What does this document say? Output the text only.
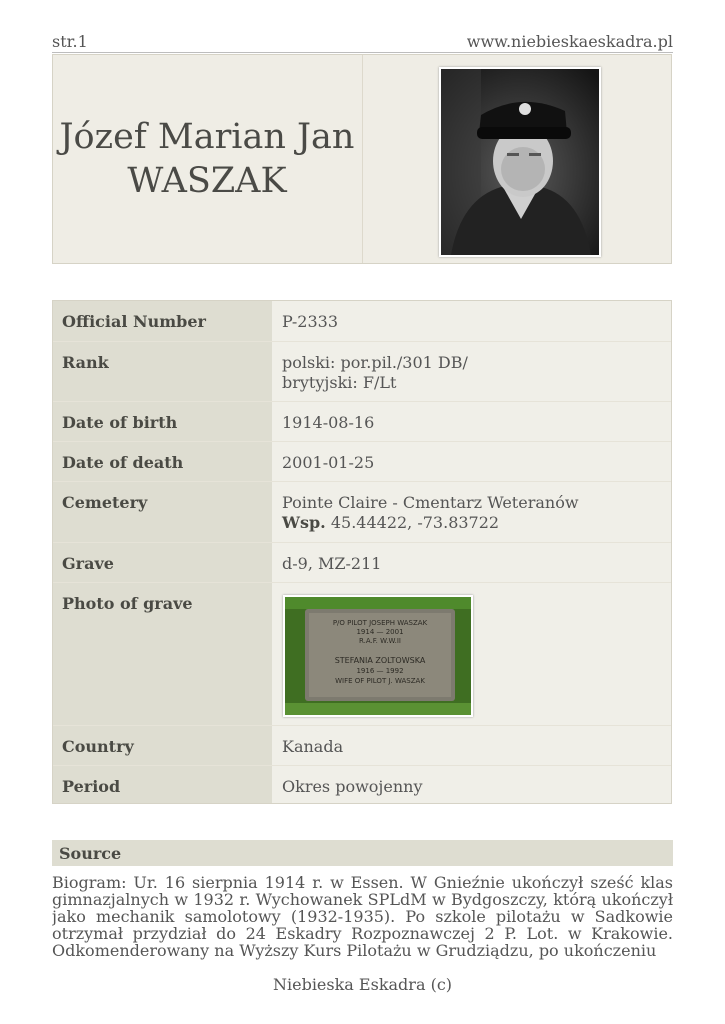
str.1	www.niebieskaeskadra.pl
Józef Marian Jan
WASZAK
Official Number	P-2333
Rank	polski: por.pil./301 DB/
brytyjski: F/Lt
Date of birth	1914-08-16
Date of death	2001-01-25
Cemetery	Pointe Claire - Cmentarz Weteranów
Wsp. 45.44422, -73.83722
Grave	d-9, MZ-211
Photo of grave
P/O PILOT JOSEPH WASZAK
1914 — 2001
R.A.F. W.W.II
STEFANIA ZOLTOWSKA
1916 — 1992
WIFE OF PILOT J. WASZAK
Country	Kanada
Period	Okres powojenny
Source
Biogram: Ur. 16 sierpnia 1914 r. w Essen. W Gnieźnie ukończył sześć klas gimnazjalnych w 1932 r. Wychowanek SPLdM w Bydgoszczy, którą ukończył jako mechanik samolotowy (1932-1935). Po szkole pilotażu w Sadkowie otrzymał przydział do 24 Eskadry Rozpoznawczej 2 P. Lot. w Krakowie. Odkomenderowany na Wyższy Kurs Pilotażu w Grudziądzu, po ukończeniu
Niebieska Eskadra (c)
